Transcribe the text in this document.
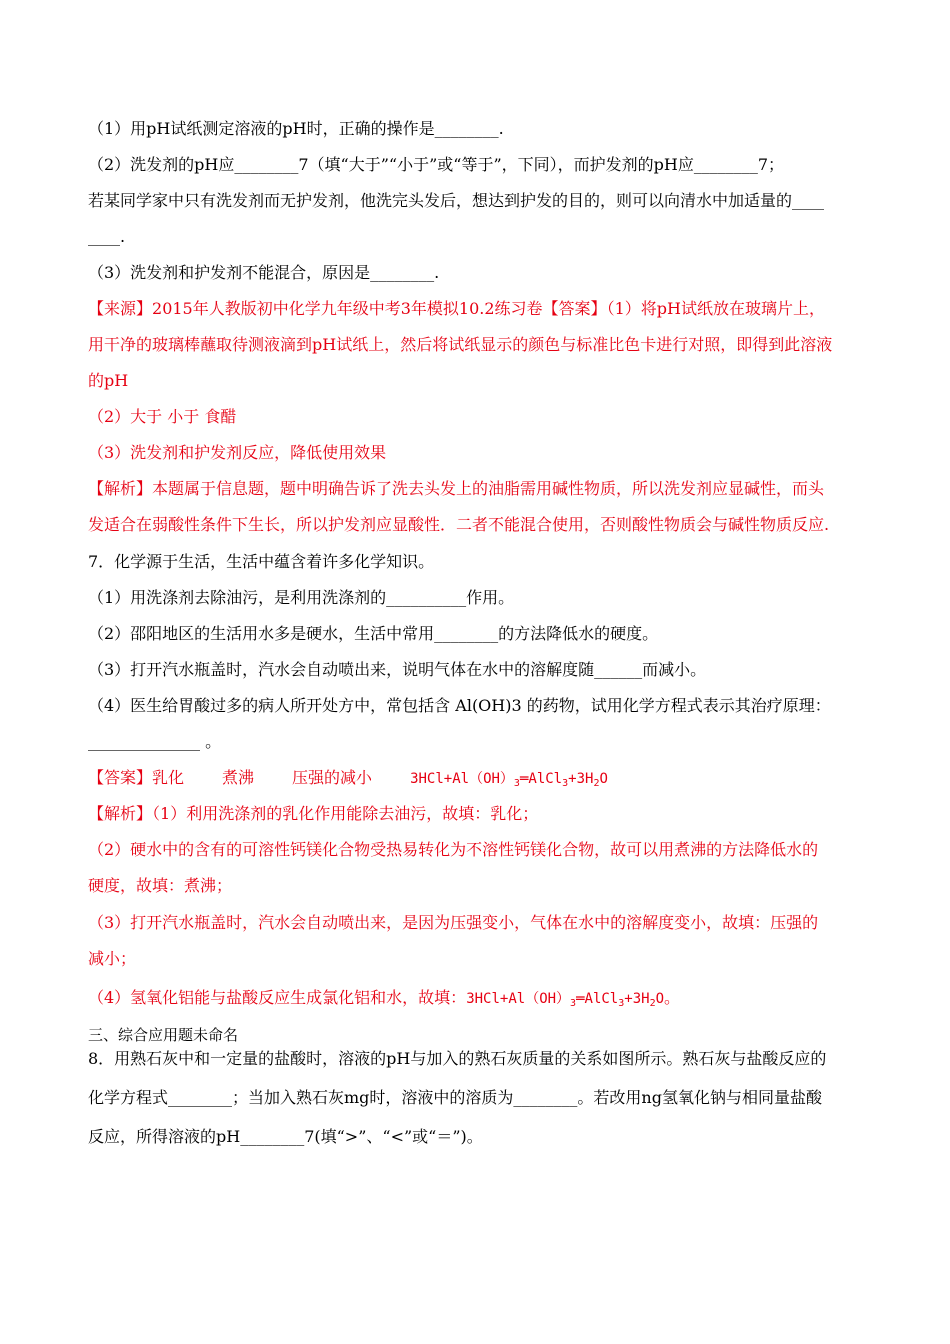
（1）用pH试纸测定溶液的pH时，正确的操作是________.
（2）洗发剂的pH应________7（填“大于”“小于”或“等于”，下同），而护发剂的pH应________7；
若某同学家中只有洗发剂而无护发剂，他洗完头发后，想达到护发的目的，则可以向清水中加适量的____
____.
（3）洗发剂和护发剂不能混合，原因是________.
【来源】2015年人教版初中化学九年级中考3年模拟10.2练习卷【答案】（1）将pH试纸放在玻璃片上，
用干净的玻璃棒蘸取待测液滴到pH试纸上，然后将试纸显示的颜色与标准比色卡进行对照，即得到此溶液
的pH
（2）大于 小于 食醋
（3）洗发剂和护发剂反应，降低使用效果
【解析】本题属于信息题，题中明确告诉了洗去头发上的油脂需用碱性物质，所以洗发剂应显碱性，而头
发适合在弱酸性条件下生长，所以护发剂应显酸性．二者不能混合使用，否则酸性物质会与碱性物质反应.
7．化学源于生活，生活中蕴含着许多化学知识。
（1）用洗涤剂去除油污，是利用洗涤剂的__________作用。
（2）邵阳地区的生活用水多是硬水，生活中常用________的方法降低水的硬度。
（3）打开汽水瓶盖时，汽水会自动喷出来，说明气体在水中的溶解度随______而减小。
（4）医生给胃酸过多的病人所开处方中，常包括含 Al(OH)3 的药物，试用化学方程式表示其治疗原理：
______________ 。
【答案】乳化 煮沸 压强的减小	$3HCl+Al(OH)_3═AlCl_3+3H_2O$
【解析】（1）利用洗涤剂的乳化作用能除去油污，故填：乳化；
（2）硬水中的含有的可溶性钙镁化合物受热易转化为不溶性钙镁化合物，故可以用煮沸的方法降低水的
硬度，故填：煮沸；
（3）打开汽水瓶盖时，汽水会自动喷出来，是因为压强变小，气体在水中的溶解度变小，故填：压强的
减小；
（4）氢氧化铝能与盐酸反应生成氯化铝和水，故填：$3HCl+Al(OH)_3═AlCl_3+3H_2O$。
三、综合应用题未命名
8．用熟石灰中和一定量的盐酸时，溶液的pH与加入的熟石灰质量的关系如图所示。熟石灰与盐酸反应的
化学方程式________；当加入熟石灰mg时，溶液中的溶质为________。若改用ng氢氧化钠与相同量盐酸
反应，所得溶液的pH________7(填“>”、“<”或“＝”)。
